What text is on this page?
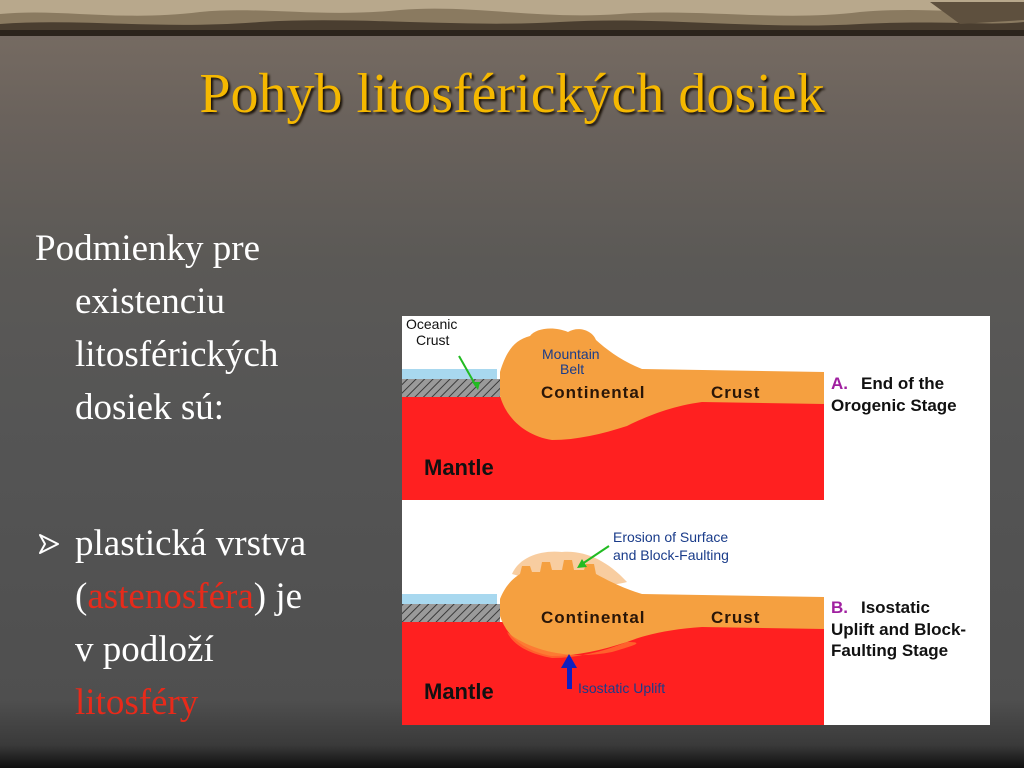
Pohyb litosférických dosiek
Podmienky pre
existenciu
litosférických
dosiek sú:
plastická vrstva
(astenosféra) je
v podloží
litosféry
Oceanic
Crust
Mountain
Belt
Continental	Crust
Mantle
A. End of the
Orogenic Stage
Erosion of Surface
and Block-Faulting
Continental	Crust
Mantle	Isostatic Uplift
B. Isostatic
Uplift and Block-
Faulting Stage
